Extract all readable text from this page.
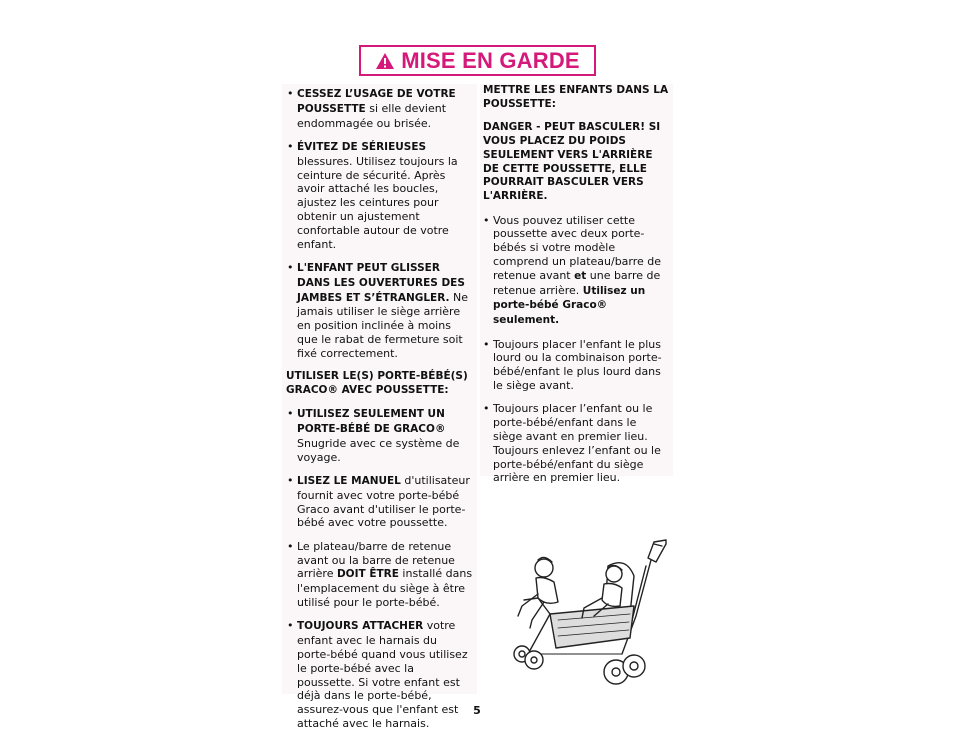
MISE EN GARDE
• CESSEZ L’USAGE DE VOTRE POUSSETTE si elle devient endommagée ou brisée.
• ÉVITEZ DE SÉRIEUSES blessures. Utilisez toujours la ceinture de sécurité. Après avoir attaché les boucles, ajustez les ceintures pour obtenir un ajustement confortable autour de votre enfant.
• L'ENFANT PEUT GLISSER DANS LES OUVERTURES DES JAMBES ET S’ÉTRANGLER. Ne jamais utiliser le siège arrière en position inclinée à moins que le rabat de fermeture soit fixé correctement.
UTILISER LE(S) PORTE-BÉBÉ(S) GRACO® AVEC POUSSETTE:
• UTILISEZ SEULEMENT UN PORTE-BÉBÉ DE GRACO® Snugride avec ce système de voyage.
• LISEZ LE MANUEL d'utilisateur fournit avec votre porte-bébé Graco avant d'utiliser le porte-bébé avec votre poussette.
• Le plateau/barre de retenue avant ou la barre de retenue arrière DOIT ÊTRE installé dans l'emplacement du siège à être utilisé pour le porte-bébé.
• TOUJOURS ATTACHER votre enfant avec le harnais du porte-bébé quand vous utilisez le porte-bébé avec la poussette. Si votre enfant est déjà dans le porte-bébé, assurez-vous que l'enfant est attaché avec le harnais.
METTRE LES ENFANTS DANS LA POUSSETTE:
DANGER - PEUT BASCULER! SI VOUS PLACEZ DU POIDS SEULEMENT VERS L'ARRIÈRE DE CETTE POUSSETTE, ELLE POURRAIT BASCULER VERS L'ARRIÈRE.
• Vous pouvez utiliser cette poussette avec deux porte-bébés si votre modèle comprend un plateau/barre de retenue avant et une barre de retenue arrière. Utilisez un porte-bébé Graco® seulement.
• Toujours placer l'enfant le plus lourd ou la combinaison porte-bébé/enfant le plus lourd dans le siège avant.
• Toujours placer l’enfant ou le porte-bébé/enfant dans le siège avant en premier lieu. Toujours enlevez l’enfant ou le porte-bébé/enfant du siège arrière en premier lieu.
5
